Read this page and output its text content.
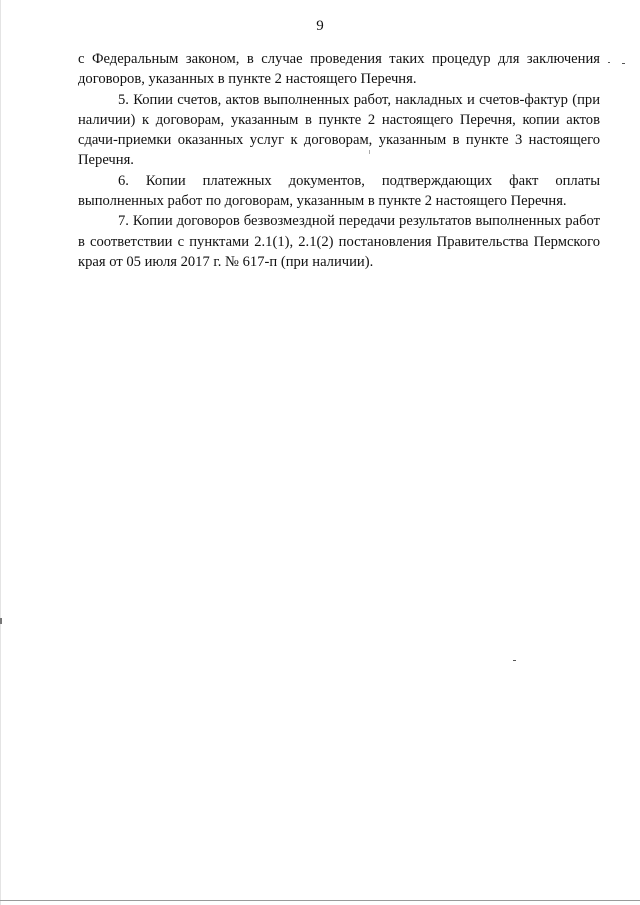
9

с Федеральным законом, в случае проведения таких процедур для заключения договоров, указанных в пункте 2 настоящего Перечня.

5. Копии счетов, актов выполненных работ, накладных и счетов-фактур (при наличии) к договорам, указанным в пункте 2 настоящего Перечня, копии актов сдачи-приемки оказанных услуг к договорам, указанным в пункте 3 настоящего Перечня.

6. Копии платежных документов, подтверждающих факт оплаты выполненных работ по договорам, указанным в пункте 2 настоящего Перечня.

7. Копии договоров безвозмездной передачи результатов выполненных работ в соответствии с пунктами 2.1(1), 2.1(2) постановления Правительства Пермского края от 05 июля 2017 г. № 617-п (при наличии).
